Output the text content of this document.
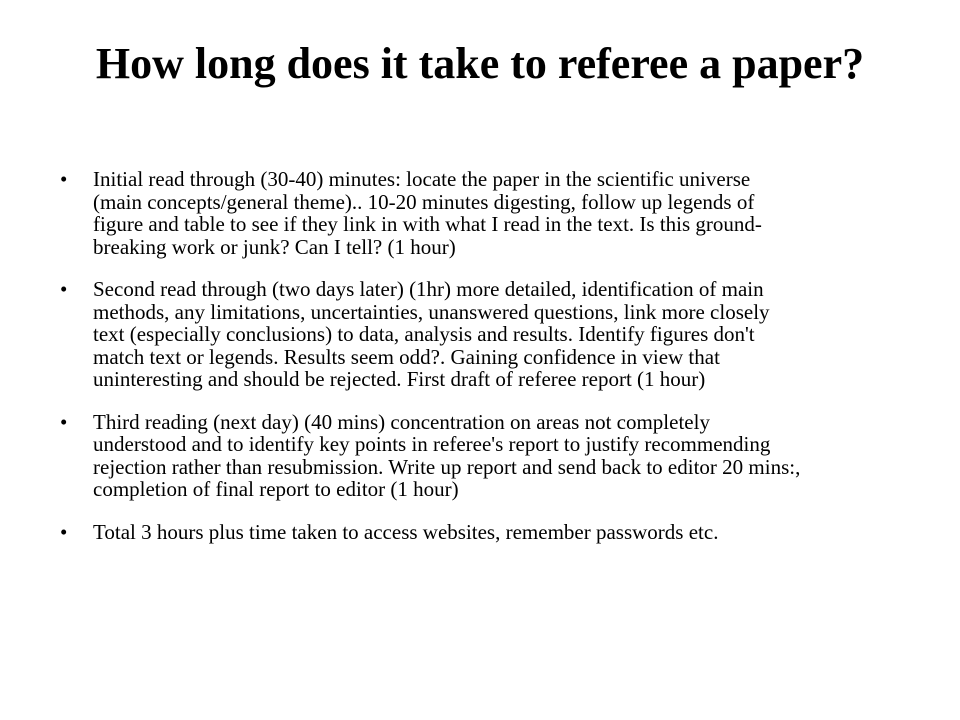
How long does it take to referee a paper?
• Initial read through (30-40) minutes: locate the paper in the scientific universe
(main concepts/general theme).. 10-20 minutes digesting, follow up legends of
figure and table to see if they link in with what I read in the text. Is this ground-
breaking work or junk? Can I tell? (1 hour)
• Second read through (two days later) (1hr) more detailed, identification of main
methods, any limitations, uncertainties, unanswered questions, link more closely
text (especially conclusions) to data, analysis and results. Identify figures don't
match text or legends. Results seem odd?. Gaining confidence in view that
uninteresting and should be rejected. First draft of referee report (1 hour)
• Third reading (next day) (40 mins) concentration on areas not completely
understood and to identify key points in referee's report to justify recommending
rejection rather than resubmission. Write up report and send back to editor 20 mins:,
completion of final report to editor (1 hour)
• Total 3 hours plus time taken to access websites, remember passwords etc.
